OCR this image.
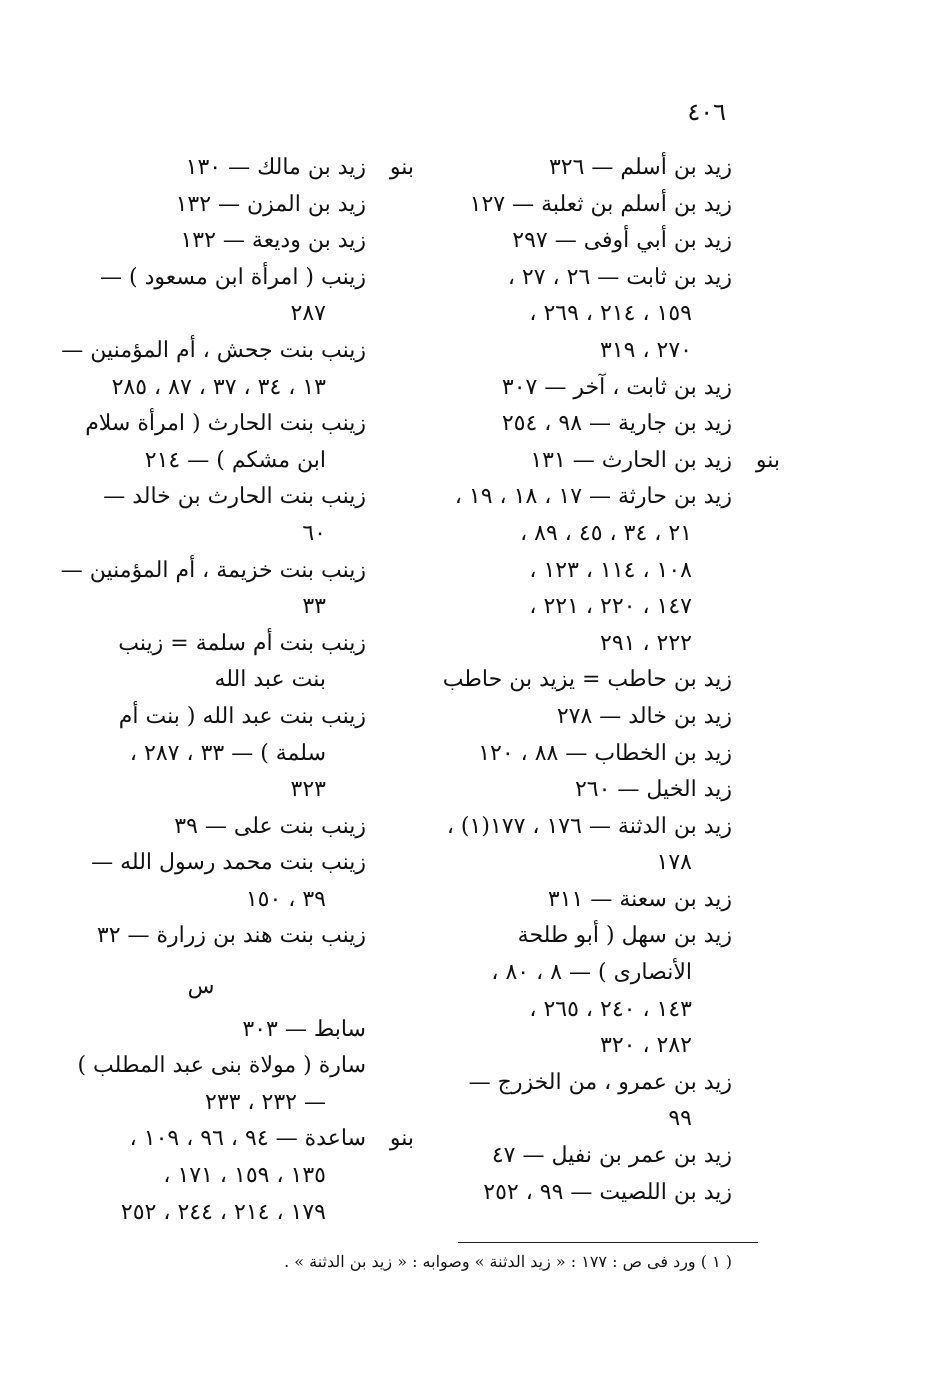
٤٠٦
زيد بن أسلم — ٣٢٦
زيد بن أسلم بن ثعلبة — ١٢٧
زيد بن أبي أوفى — ٢٩٧
زيد بن ثابت — ٢٦ ، ٢٧ ،
١٥٩ ، ٢١٤ ، ٢٦٩ ،
٢٧٠ ، ٣١٩
زيد بن ثابت ، آخر — ٣٠٧
زيد بن جارية — ٩٨ ، ٢٥٤
بنو
زيد بن الحارث — ١٣١
زيد بن حارثة — ١٧ ، ١٨ ، ١٩ ،
٢١ ، ٣٤ ، ٤٥ ، ٨٩ ،
١٠٨ ، ١١٤ ، ١٢٣ ،
١٤٧ ، ٢٢٠ ، ٢٢١ ،
٢٢٢ ، ٢٩١
زيد بن حاطب = يزيد بن حاطب
زيد بن خالد — ٢٧٨
زيد بن الخطاب — ٨٨ ، ١٢٠
زيد الخيل — ٢٦٠
زيد بن الدثنة — ١٧٦ ، ١٧٧(١) ،
١٧٨
زيد بن سعنة — ٣١١
زيد بن سهل ( أبو طلحة
الأنصارى ) — ٨ ، ٨٠ ،
١٤٣ ، ٢٤٠ ، ٢٦٥ ،
٢٨٢ ، ٣٢٠
زيد بن عمرو ، من الخزرج —
٩٩
زيد بن عمر بن نفيل — ٤٧
زيد بن اللصيت — ٩٩ ، ٢٥٢
بنو
زيد بن مالك — ١٣٠
زيد بن المزن — ١٣٢
زيد بن وديعة — ١٣٢
زينب ( امرأة ابن مسعود ) —
٢٨٧
زينب بنت جحش ، أم المؤمنين —
١٣ ، ٣٤ ، ٣٧ ، ٨٧ ، ٢٨٥
زينب بنت الحارث ( امرأة سلام
ابن مشكم ) — ٢١٤
زينب بنت الحارث بن خالد —
٦٠
زينب بنت خزيمة ، أم المؤمنين —
٣٣
زينب بنت أم سلمة = زينب
بنت عبد الله
زينب بنت عبد الله ( بنت أم
سلمة ) — ٣٣ ، ٢٨٧ ،
٣٢٣
زينب بنت على — ٣٩
زينب بنت محمد رسول الله —
٣٩ ، ١٥٠
زينب بنت هند بن زرارة — ٣٢
س
سابط — ٣٠٣
سارة ( مولاة بنى عبد المطلب )
— ٢٣٢ ، ٢٣٣
بنو
ساعدة — ٩٤ ، ٩٦ ، ١٠٩ ،
١٣٥ ، ١٥٩ ، ١٧١ ،
١٧٩ ، ٢١٤ ، ٢٤٤ ، ٢٥٢
( ١ ) ورد فى ص : ١٧٧ : « زيد الدثنة » وصوابه : « زيد بن الدثنة » .
